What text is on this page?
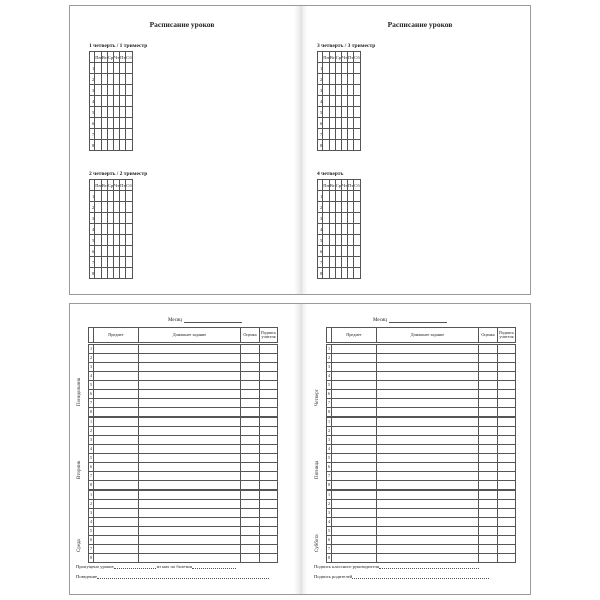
Расписание уроков
1 четверть / 1 триместр
	Пн	Вт	Ср	Чт	Пт	Сб
1						
2						
3						
4						
5						
6						
7						
8						
2 четверть / 2 триместр
	Пн	Вт	Ср	Чт	Пт	Сб
1						
2						
3						
4						
5						
6						
7						
8						
Расписание уроков
3 четверть / 3 триместр
	Пн	Вт	Ср	Чт	Пт	Сб
1						
2						
3						
4						
5						
6						
7						
8						
4 четверть
	Пн	Вт	Ср	Чт	Пт	Сб
1						
2						
3						
4						
5						
6						
7						
8						
Месяц
	Предмет	Домашнее задание	Оценка	Подпись учителя
Понедельник
1				
2				
3				
4				
5				
6				
7				
8				
Вторник
1				
2				
3				
4				
5				
6				
7				
8				
Среда
1				
2				
3				
4				
5				
6				
7				
8				
Пропущено уроков	из них по болезни
Поведение
Месяц
	Предмет	Домашнее задание	Оценка	Подпись учителя
Четверг
1				
2				
3				
4				
5				
6				
7				
8				
Пятница
1				
2				
3				
4				
5				
6				
7				
8				
Суббота
1				
2				
3				
4				
5				
6				
7				
8				
Подпись классного руководителя
Подпись родителей
